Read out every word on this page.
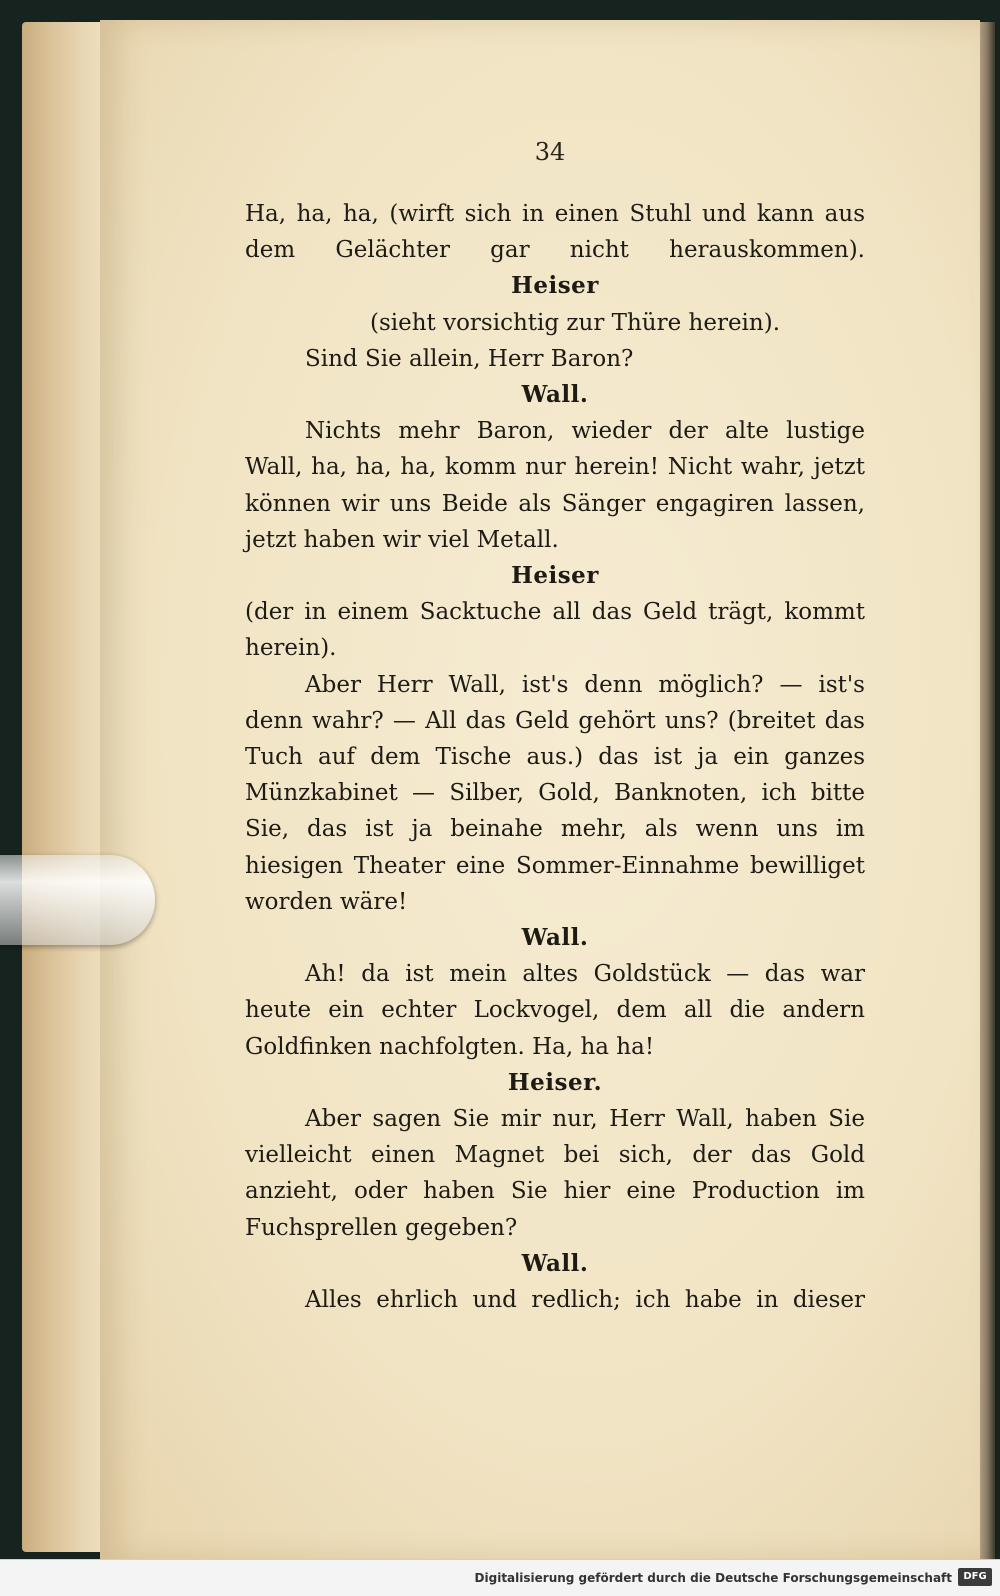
34

Ha, ha, ha, (wirft sich in einen Stuhl und kann aus dem Gelächter gar nicht herauskommen).

Heiser

(sieht vorsichtig zur Thüre herein).

Sind Sie allein, Herr Baron?

Wall.

Nichts mehr Baron, wieder der alte lustige Wall, ha, ha, ha, komm nur herein! Nicht wahr, jetzt können wir uns Beide als Sänger engagiren lassen, jetzt haben wir viel Metall.

Heiser

(der in einem Sacktuche all das Geld trägt, kommt herein).

Aber Herr Wall, ist's denn möglich? — ist's denn wahr? — All das Geld gehört uns? (breitet das Tuch auf dem Tische aus.) das ist ja ein ganzes Münzkabinet — Silber, Gold, Banknoten, ich bitte Sie, das ist ja beinahe mehr, als wenn uns im hiesigen Theater eine Sommer-Einnahme bewilliget worden wäre!

Wall.

Ah! da ist mein altes Goldstück — das war heute ein echter Lockvogel, dem all die andern Goldfinken nachfolgten. Ha, ha ha!

Heiser.

Aber sagen Sie mir nur, Herr Wall, haben Sie vielleicht einen Magnet bei sich, der das Gold anzieht, oder haben Sie hier eine Production im Fuchsprellen gegeben?

Wall.

Alles ehrlich und redlich; ich habe in dieser

Digitalisierung gefördert durch die Deutsche Forschungsgemeinschaft	DFG
